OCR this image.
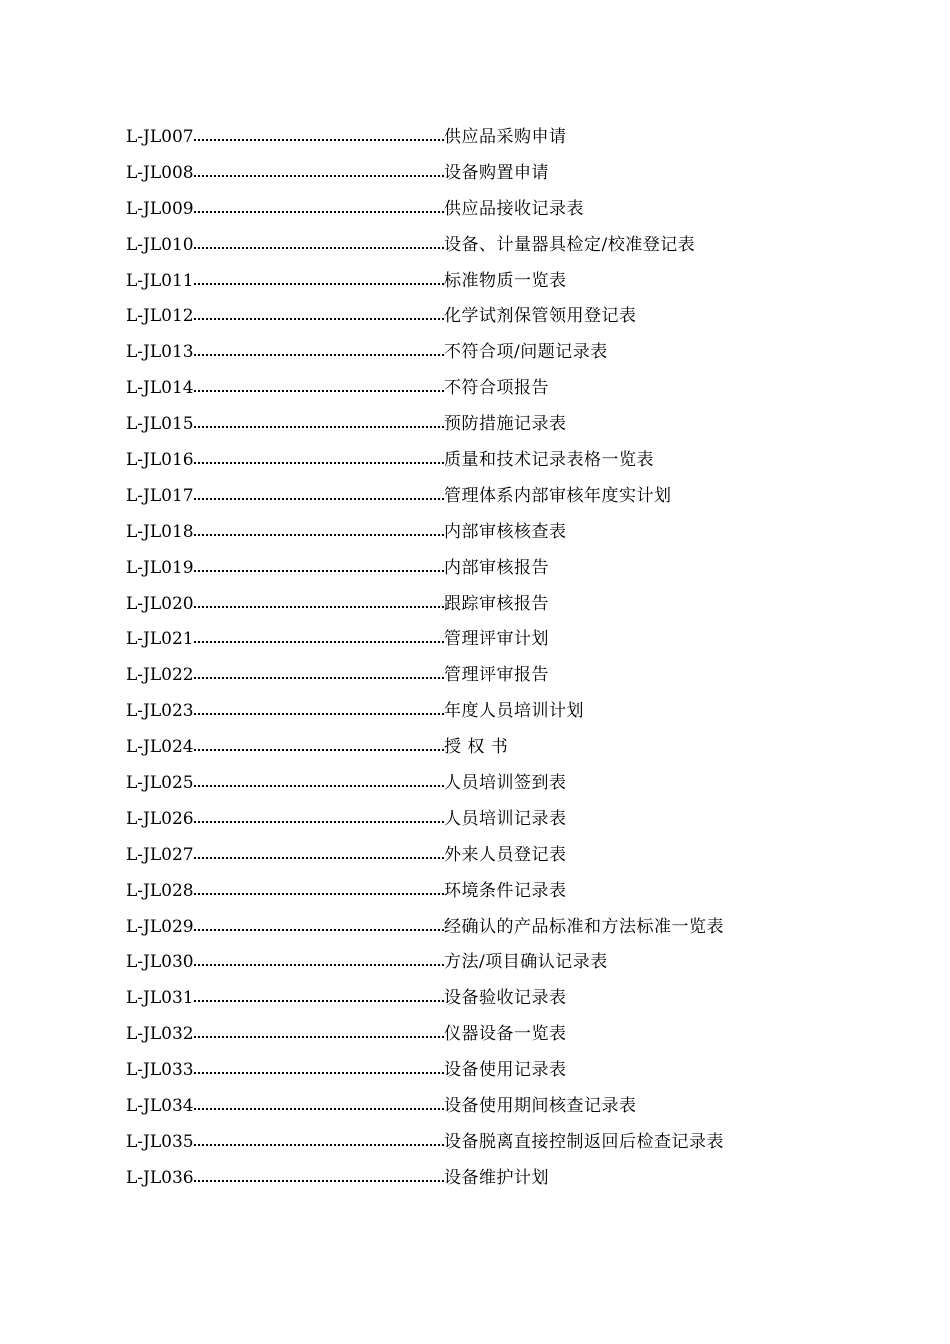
L-JL007	供应品采购申请
L-JL008	设备购置申请
L-JL009	供应品接收记录表
L-JL010	设备、计量器具检定/校准登记表
L-JL011	标准物质一览表
L-JL012	化学试剂保管领用登记表
L-JL013	不符合项/问题记录表
L-JL014	不符合项报告
L-JL015	预防措施记录表
L-JL016	质量和技术记录表格一览表
L-JL017	管理体系内部审核年度实计划
L-JL018	内部审核核查表
L-JL019	内部审核报告
L-JL020	跟踪审核报告
L-JL021	管理评审计划
L-JL022	管理评审报告
L-JL023	年度人员培训计划
L-JL024	授 权 书
L-JL025	人员培训签到表
L-JL026	人员培训记录表
L-JL027	外来人员登记表
L-JL028	环境条件记录表
L-JL029	经确认的产品标准和方法标准一览表
L-JL030	方法/项目确认记录表
L-JL031	设备验收记录表
L-JL032	仪器设备一览表
L-JL033	设备使用记录表
L-JL034	设备使用期间核查记录表
L-JL035	设备脱离直接控制返回后检查记录表
L-JL036	设备维护计划
